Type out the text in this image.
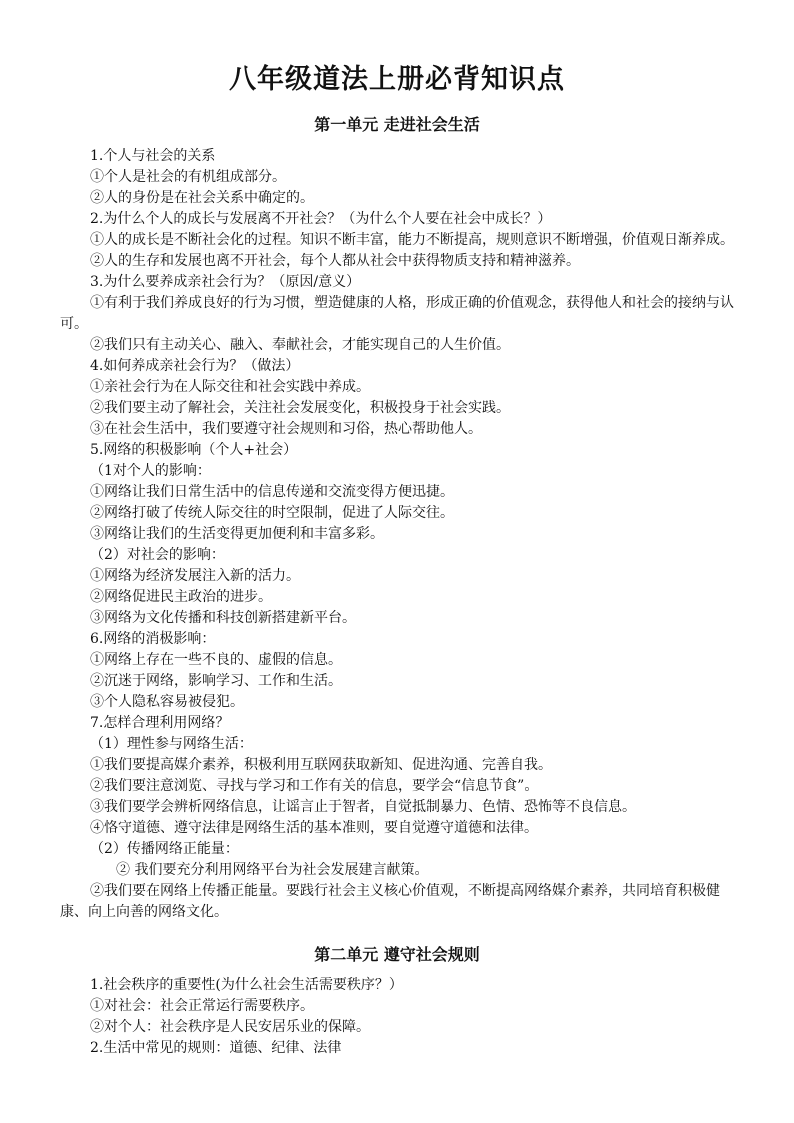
八年级道法上册必背知识点
第一单元 走进社会生活

1.个人与社会的关系

①个人是社会的有机组成部分。

②人的身份是在社会关系中确定的。

2.为什么个人的成长与发展离不开社会？（为什么个人要在社会中成长？）

①人的成长是不断社会化的过程。知识不断丰富，能力不断提高，规则意识不断增强，价值观日渐养成。

②人的生存和发展也离不开社会，每个人都从社会中获得物质支持和精神滋养。

3.为什么要养成亲社会行为？（原因/意义）

①有利于我们养成良好的行为习惯，塑造健康的人格，形成正确的价值观念，获得他人和社会的接纳与认可。

②我们只有主动关心、融入、奉献社会，才能实现自己的人生价值。

4.如何养成亲社会行为？（做法）

①亲社会行为在人际交往和社会实践中养成。

②我们要主动了解社会，关注社会发展变化，积极投身于社会实践。

③在社会生活中，我们要遵守社会规则和习俗，热心帮助他人。

5.网络的积极影响（个人+社会）

（1对个人的影响：

①网络让我们日常生活中的信息传递和交流变得方便迅捷。

②网络打破了传统人际交往的时空限制，促进了人际交往。

③网络让我们的生活变得更加便利和丰富多彩。

（2）对社会的影响：

①网络为经济发展注入新的活力。

②网络促进民主政治的进步。

③网络为文化传播和科技创新搭建新平台。

6.网络的消极影响：

①网络上存在一些不良的、虚假的信息。

②沉迷于网络，影响学习、工作和生活。

③个人隐私容易被侵犯。

7.怎样合理利用网络？

（1）理性参与网络生活：

①我们要提高媒介素养，积极利用互联网获取新知、促进沟通、完善自我。

②我们要注意浏览、寻找与学习和工作有关的信息，要学会“信息节食”。

③我们要学会辨析网络信息，让谣言止于智者，自觉抵制暴力、色情、恐怖等不良信息。

④恪守道德、遵守法律是网络生活的基本准则，要自觉遵守道德和法律。

（2）传播网络正能量：

② 我们要充分利用网络平台为社会发展建言献策。

②我们要在网络上传播正能量。要践行社会主义核心价值观，不断提高网络媒介素养，共同培育积极健康、向上向善的网络文化。

第二单元 遵守社会规则

1.社会秩序的重要性(为什么社会生活需要秩序？）

①对社会：社会正常运行需要秩序。

②对个人：社会秩序是人民安居乐业的保障。

2.生活中常见的规则：道德、纪律、法律
